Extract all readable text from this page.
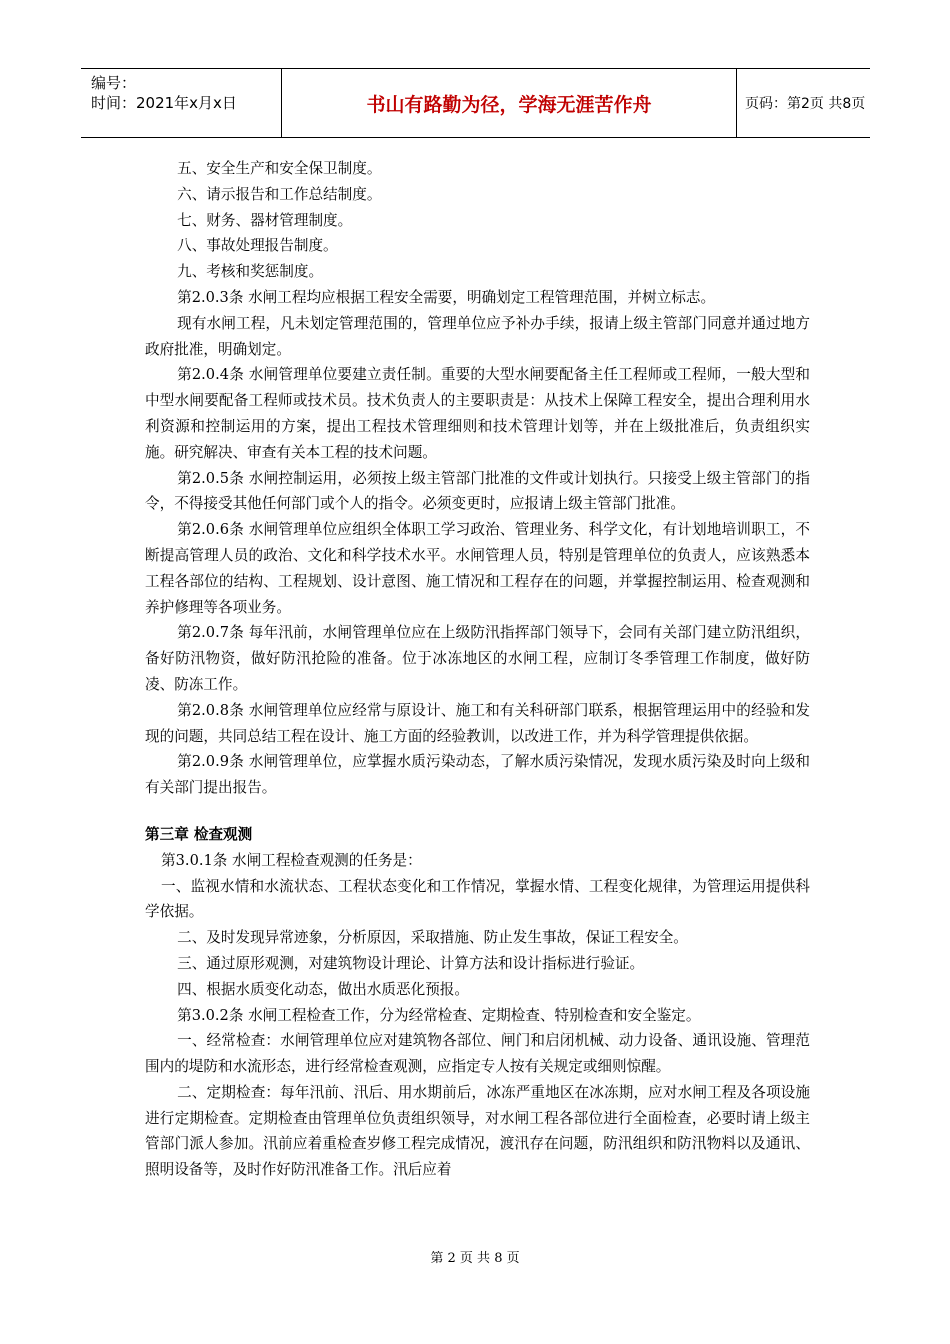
编号：
时间：2021年x月x日	书山有路勤为径，学海无涯苦作舟	页码：第2页 共8页

五、安全生产和安全保卫制度。

六、请示报告和工作总结制度。

七、财务、器材管理制度。

八、事故处理报告制度。

九、考核和奖惩制度。

第2.0.3条 水闸工程均应根据工程安全需要，明确划定工程管理范围，并树立标志。

现有水闸工程，凡未划定管理范围的，管理单位应予补办手续，报请上级主管部门同意并通过地方政府批准，明确划定。

第2.0.4条 水闸管理单位要建立责任制。重要的大型水闸要配备主任工程师或工程师，一般大型和中型水闸要配备工程师或技术员。技术负责人的主要职责是：从技术上保障工程安全，提出合理利用水利资源和控制运用的方案，提出工程技术管理细则和技术管理计划等，并在上级批准后，负责组织实施。研究解决、审查有关本工程的技术问题。

第2.0.5条 水闸控制运用，必须按上级主管部门批准的文件或计划执行。只接受上级主管部门的指令，不得接受其他任何部门或个人的指令。必须变更时，应报请上级主管部门批准。

第2.0.6条 水闸管理单位应组织全体职工学习政治、管理业务、科学文化，有计划地培训职工，不断提高管理人员的政治、文化和科学技术水平。水闸管理人员，特别是管理单位的负责人，应该熟悉本工程各部位的结构、工程规划、设计意图、施工情况和工程存在的问题，并掌握控制运用、检查观测和养护修理等各项业务。

第2.0.7条 每年汛前，水闸管理单位应在上级防汛指挥部门领导下，会同有关部门建立防汛组织，备好防汛物资，做好防汛抢险的准备。位于冰冻地区的水闸工程，应制订冬季管理工作制度，做好防凌、防冻工作。

第2.0.8条 水闸管理单位应经常与原设计、施工和有关科研部门联系，根据管理运用中的经验和发现的问题，共同总结工程在设计、施工方面的经验教训，以改进工作，并为科学管理提供依据。

第2.0.9条 水闸管理单位，应掌握水质污染动态，了解水质污染情况，发现水质污染及时向上级和有关部门提出报告。

第三章 检查观测

第3.0.1条 水闸工程检查观测的任务是：

一、监视水情和水流状态、工程状态变化和工作情况，掌握水情、工程变化规律，为管理运用提供科学依据。

二、及时发现异常迹象，分析原因，采取措施、防止发生事故，保证工程安全。

三、通过原形观测，对建筑物设计理论、计算方法和设计指标进行验证。

四、根据水质变化动态，做出水质恶化预报。

第3.0.2条 水闸工程检查工作，分为经常检查、定期检查、特别检查和安全鉴定。

一、经常检查：水闸管理单位应对建筑物各部位、闸门和启闭机械、动力设备、通讯设施、管理范围内的堤防和水流形态，进行经常检查观测，应指定专人按有关规定或细则惊醒。

二、定期检查：每年汛前、汛后、用水期前后，冰冻严重地区在冰冻期，应对水闸工程及各项设施进行定期检查。定期检查由管理单位负责组织领导，对水闸工程各部位进行全面检查，必要时请上级主管部门派人参加。汛前应着重检查岁修工程完成情况，渡汛存在问题，防汛组织和防汛物料以及通讯、照明设备等，及时作好防汛准备工作。汛后应着

第 2 页 共 8 页
